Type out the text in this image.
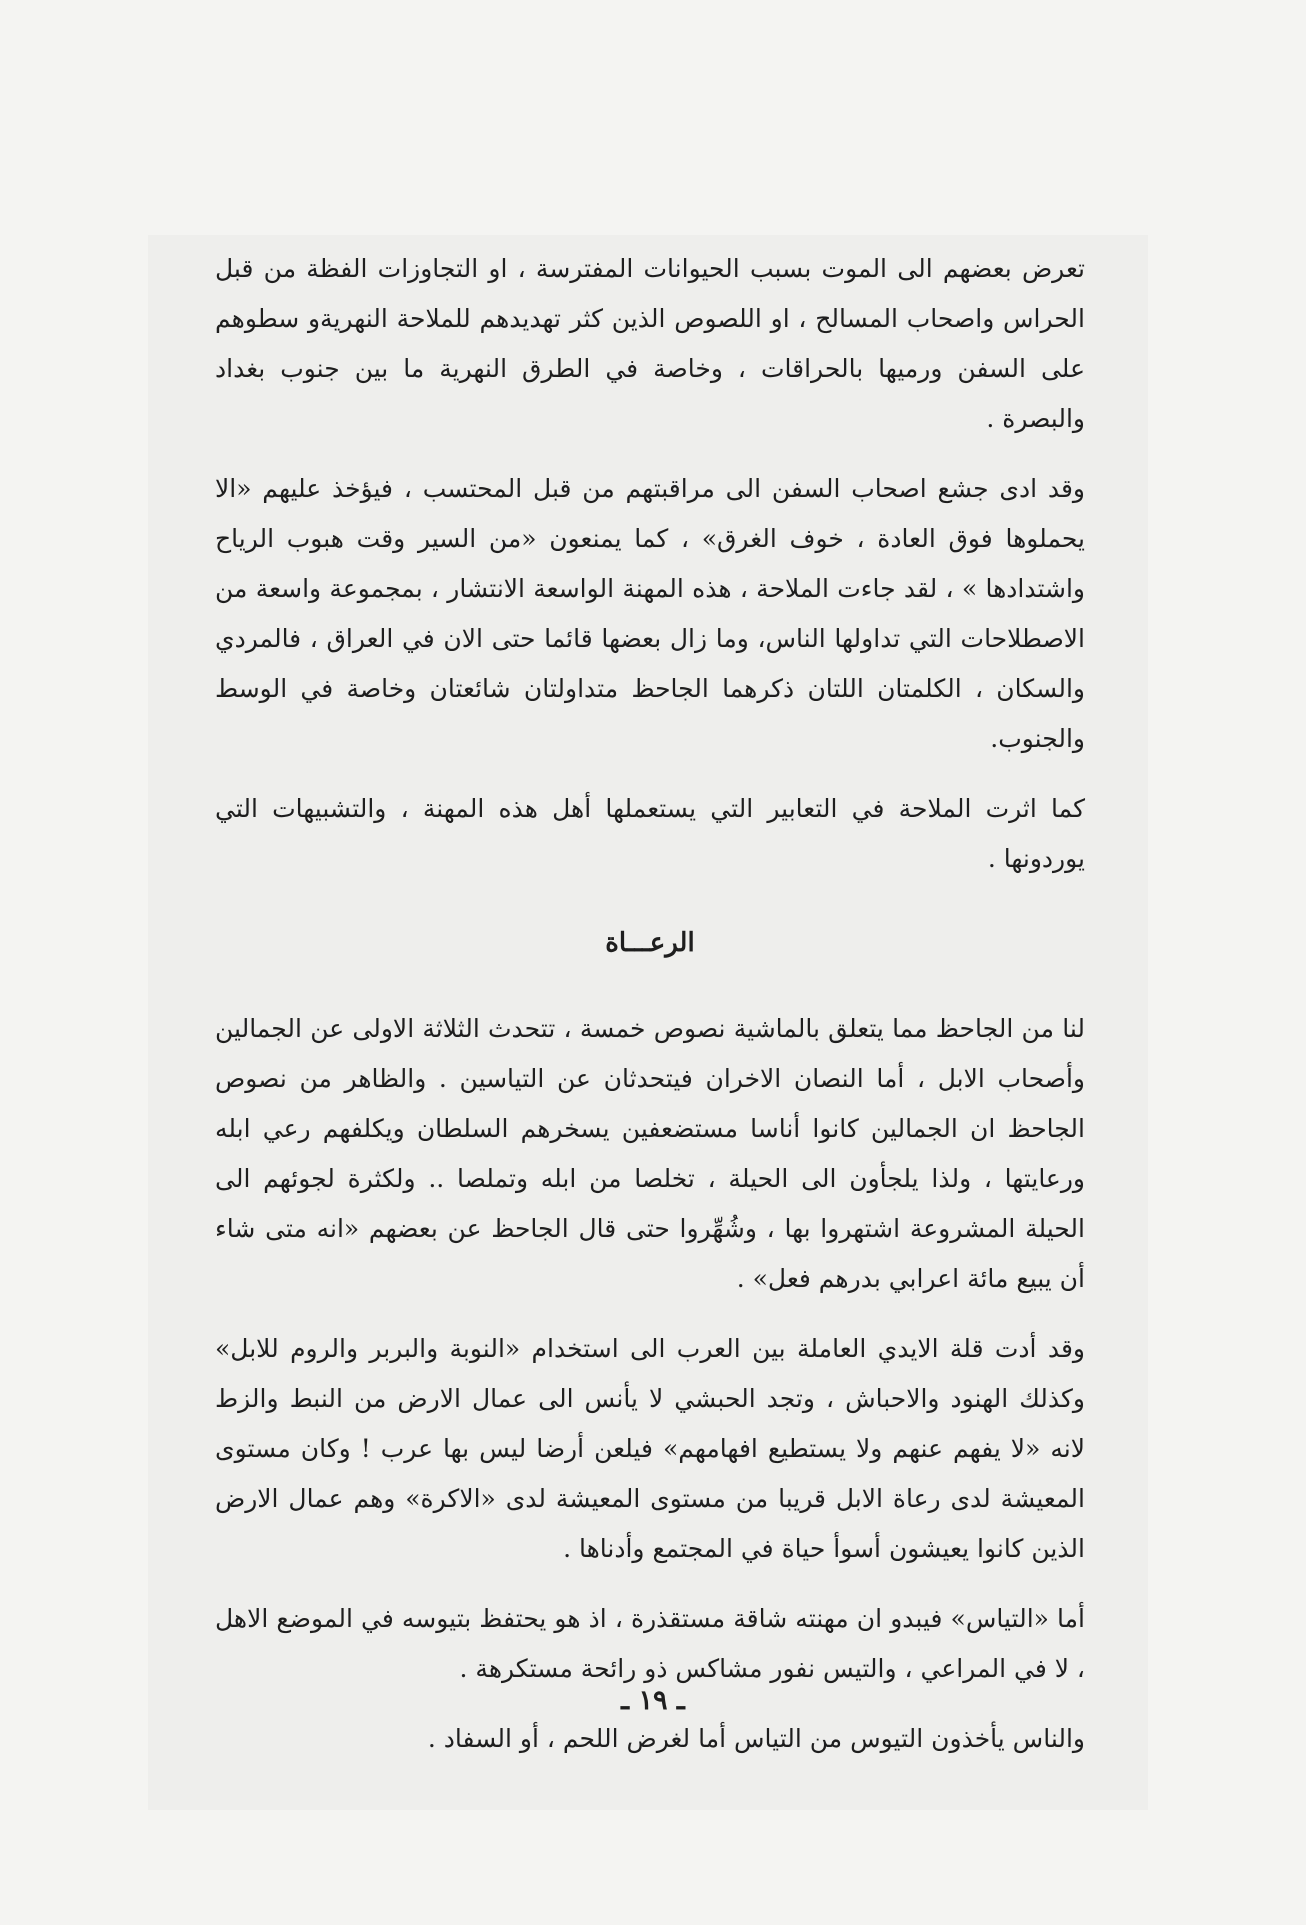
تعرض بعضهم الى الموت بسبب الحيوانات المفترسة ، او التجاوزات الفظة من قبل الحراس واصحاب المسالح ، او اللصوص الذين كثر تهديدهم للملاحة النهريةو سطوهم على السفن ورميها بالحراقات ، وخاصة في الطرق النهرية ما بين جنوب بغداد والبصرة .

وقد ادى جشع اصحاب السفن الى مراقبتهم من قبل المحتسب ، فيؤخذ عليهم «الا يحملوها فوق العادة ، خوف الغرق» ، كما يمنعون «من السير وقت هبوب الرياح واشتدادها » ، لقد جاءت الملاحة ، هذه المهنة الواسعة الانتشار ، بمجموعة واسعة من الاصطلاحات التي تداولها الناس، وما زال بعضها قائما حتى الان في العراق ، فالمردي والسكان ، الكلمتان اللتان ذكرهما الجاحظ متداولتان شائعتان وخاصة في الوسط والجنوب.

كما اثرت الملاحة في التعابير التي يستعملها أهل هذه المهنة ، والتشبيهات التي يوردونها .

الرعـــاة

لنا من الجاحظ مما يتعلق بالماشية نصوص خمسة ، تتحدث الثلاثة الاولى عن الجمالين وأصحاب الابل ، أما النصان الاخران فيتحدثان عن التياسين . والظاهر من نصوص الجاحظ ان الجمالين كانوا أناسا مستضعفين يسخرهم السلطان ويكلفهم رعي ابله ورعايتها ، ولذا يلجأون الى الحيلة ، تخلصا من ابله وتملصا .. ولكثرة لجوئهم الى الحيلة المشروعة اشتهروا بها ، وشُهِّروا حتى قال الجاحظ عن بعضهم «انه متى شاء أن يبيع مائة اعرابي بدرهم فعل» .

وقد أدت قلة الايدي العاملة بين العرب الى استخدام «النوبة والبربر والروم للابل» وكذلك الهنود والاحباش ، وتجد الحبشي لا يأنس الى عمال الارض من النبط والزط لانه «لا يفهم عنهم ولا يستطيع افهامهم» فيلعن أرضا ليس بها عرب ! وكان مستوى المعيشة لدى رعاة الابل قريبا من مستوى المعيشة لدى «الاكرة» وهم عمال الارض الذين كانوا يعيشون أسوأ حياة في المجتمع وأدناها .

أما «التياس» فيبدو ان مهنته شاقة مستقذرة ، اذ هو يحتفظ بتيوسه في الموضع الاهل ، لا في المراعي ، والتيس نفور مشاكس ذو رائحة مستكرهة .

والناس يأخذون التيوس من التياس أما لغرض اللحم ، أو السفاد .

ـ ١٩ ـ
